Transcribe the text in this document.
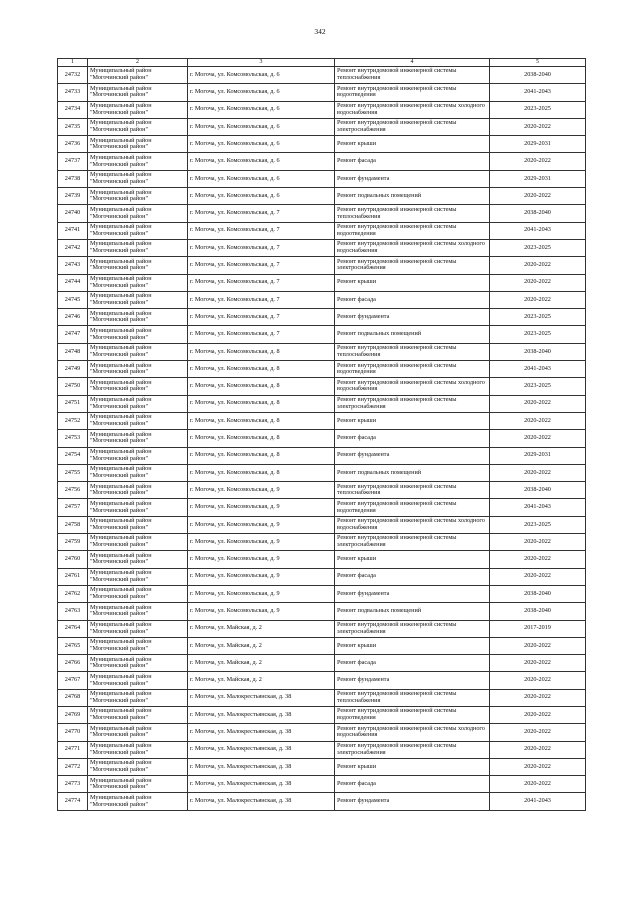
342
1	2	3	4	5
24732	Муниципальный район "Могочинский район"	г. Могоча, ул. Комсомольская, д. 6	Ремонт внутридомовой инженерной системы теплоснабжения	2038-2040
24733	Муниципальный район "Могочинский район"	г. Могоча, ул. Комсомольская, д. 6	Ремонт внутридомовой инженерной системы водоотведения	2041-2043
24734	Муниципальный район "Могочинский район"	г. Могоча, ул. Комсомольская, д. 6	Ремонт внутридомовой инженерной системы холодного водоснабжения	2023-2025
24735	Муниципальный район "Могочинский район"	г. Могоча, ул. Комсомольская, д. 6	Ремонт внутридомовой инженерной системы электроснабжения	2020-2022
24736	Муниципальный район "Могочинский район"	г. Могоча, ул. Комсомольская, д. 6	Ремонт крыши	2029-2031
24737	Муниципальный район "Могочинский район"	г. Могоча, ул. Комсомольская, д. 6	Ремонт фасада	2020-2022
24738	Муниципальный район "Могочинский район"	г. Могоча, ул. Комсомольская, д. 6	Ремонт фундамента	2029-2031
24739	Муниципальный район "Могочинский район"	г. Могоча, ул. Комсомольская, д. 6	Ремонт подвальных помещений	2020-2022
24740	Муниципальный район "Могочинский район"	г. Могоча, ул. Комсомольская, д. 7	Ремонт внутридомовой инженерной системы теплоснабжения	2038-2040
24741	Муниципальный район "Могочинский район"	г. Могоча, ул. Комсомольская, д. 7	Ремонт внутридомовой инженерной системы водоотведения	2041-2043
24742	Муниципальный район "Могочинский район"	г. Могоча, ул. Комсомольская, д. 7	Ремонт внутридомовой инженерной системы холодного водоснабжения	2023-2025
24743	Муниципальный район "Могочинский район"	г. Могоча, ул. Комсомольская, д. 7	Ремонт внутридомовой инженерной системы электроснабжения	2020-2022
24744	Муниципальный район "Могочинский район"	г. Могоча, ул. Комсомольская, д. 7	Ремонт крыши	2020-2022
24745	Муниципальный район "Могочинский район"	г. Могоча, ул. Комсомольская, д. 7	Ремонт фасада	2020-2022
24746	Муниципальный район "Могочинский район"	г. Могоча, ул. Комсомольская, д. 7	Ремонт фундамента	2023-2025
24747	Муниципальный район "Могочинский район"	г. Могоча, ул. Комсомольская, д. 7	Ремонт подвальных помещений	2023-2025
24748	Муниципальный район "Могочинский район"	г. Могоча, ул. Комсомольская, д. 8	Ремонт внутридомовой инженерной системы теплоснабжения	2038-2040
24749	Муниципальный район "Могочинский район"	г. Могоча, ул. Комсомольская, д. 8	Ремонт внутридомовой инженерной системы водоотведения	2041-2043
24750	Муниципальный район "Могочинский район"	г. Могоча, ул. Комсомольская, д. 8	Ремонт внутридомовой инженерной системы холодного водоснабжения	2023-2025
24751	Муниципальный район "Могочинский район"	г. Могоча, ул. Комсомольская, д. 8	Ремонт внутридомовой инженерной системы электроснабжения	2020-2022
24752	Муниципальный район "Могочинский район"	г. Могоча, ул. Комсомольская, д. 8	Ремонт крыши	2020-2022
24753	Муниципальный район "Могочинский район"	г. Могоча, ул. Комсомольская, д. 8	Ремонт фасада	2020-2022
24754	Муниципальный район "Могочинский район"	г. Могоча, ул. Комсомольская, д. 8	Ремонт фундамента	2029-2031
24755	Муниципальный район "Могочинский район"	г. Могоча, ул. Комсомольская, д. 8	Ремонт подвальных помещений	2020-2022
24756	Муниципальный район "Могочинский район"	г. Могоча, ул. Комсомольская, д. 9	Ремонт внутридомовой инженерной системы теплоснабжения	2038-2040
24757	Муниципальный район "Могочинский район"	г. Могоча, ул. Комсомольская, д. 9	Ремонт внутридомовой инженерной системы водоотведения	2041-2043
24758	Муниципальный район "Могочинский район"	г. Могоча, ул. Комсомольская, д. 9	Ремонт внутридомовой инженерной системы холодного водоснабжения	2023-2025
24759	Муниципальный район "Могочинский район"	г. Могоча, ул. Комсомольская, д. 9	Ремонт внутридомовой инженерной системы электроснабжения	2020-2022
24760	Муниципальный район "Могочинский район"	г. Могоча, ул. Комсомольская, д. 9	Ремонт крыши	2020-2022
24761	Муниципальный район "Могочинский район"	г. Могоча, ул. Комсомольская, д. 9	Ремонт фасада	2020-2022
24762	Муниципальный район "Могочинский район"	г. Могоча, ул. Комсомольская, д. 9	Ремонт фундамента	2038-2040
24763	Муниципальный район "Могочинский район"	г. Могоча, ул. Комсомольская, д. 9	Ремонт подвальных помещений	2038-2040
24764	Муниципальный район "Могочинский район"	г. Могоча, ул. Майская, д. 2	Ремонт внутридомовой инженерной системы электроснабжения	2017-2019
24765	Муниципальный район "Могочинский район"	г. Могоча, ул. Майская, д. 2	Ремонт крыши	2020-2022
24766	Муниципальный район "Могочинский район"	г. Могоча, ул. Майская, д. 2	Ремонт фасада	2020-2022
24767	Муниципальный район "Могочинский район"	г. Могоча, ул. Майская, д. 2	Ремонт фундамента	2020-2022
24768	Муниципальный район "Могочинский район"	г. Могоча, ул. Малокрестьянская, д. 38	Ремонт внутридомовой инженерной системы теплоснабжения	2020-2022
24769	Муниципальный район "Могочинский район"	г. Могоча, ул. Малокрестьянская, д. 38	Ремонт внутридомовой инженерной системы водоотведения	2020-2022
24770	Муниципальный район "Могочинский район"	г. Могоча, ул. Малокрестьянская, д. 38	Ремонт внутридомовой инженерной системы холодного водоснабжения	2020-2022
24771	Муниципальный район "Могочинский район"	г. Могоча, ул. Малокрестьянская, д. 38	Ремонт внутридомовой инженерной системы электроснабжения	2020-2022
24772	Муниципальный район "Могочинский район"	г. Могоча, ул. Малокрестьянская, д. 38	Ремонт крыши	2020-2022
24773	Муниципальный район "Могочинский район"	г. Могоча, ул. Малокрестьянская, д. 38	Ремонт фасада	2020-2022
24774	Муниципальный район "Могочинский район"	г. Могоча, ул. Малокрестьянская, д. 38	Ремонт фундамента	2041-2043
